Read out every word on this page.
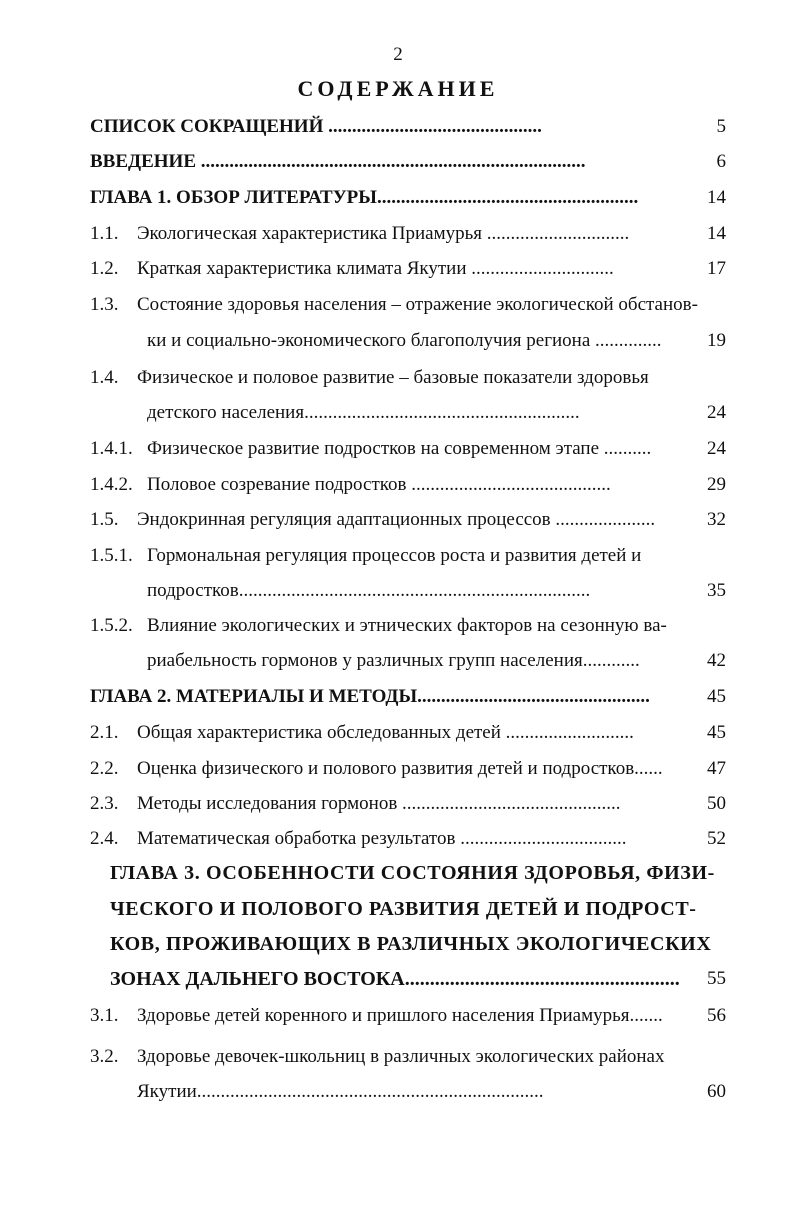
2
СОДЕРЖАНИЕ
СПИСОК СОКРАЩЕНИЙ .............................................	5
ВВЕДЕНИЕ .................................................................................	6
ГЛАВА 1. ОБЗОР ЛИТЕРАТУРЫ.......................................................	14
1.1. Экологическая характеристика Приамурья ..............................	14
1.2. Краткая характеристика климата Якутии ..............................	17
1.3. Состояние здоровья населения – отражение экологической обстанов-
ки и социально-экономического благополучия региона .............. 19
1.4. Физическое и половое развитие – базовые показатели здоровья
детского населения..........................................................	24
1.4.1. Физическое развитие подростков на современном этапе ..........	24
1.4.2. Половое созревание подростков ..........................................	29
1.5. Эндокринная регуляция адаптационных процессов .....................	32
1.5.1. Гормональная регуляция процессов роста и развития детей и
подростков..........................................................................	35
1.5.2. Влияние экологических и этнических факторов на сезонную ва-
риабельность гормонов у различных групп населения............	42
ГЛАВА 2. МАТЕРИАЛЫ И МЕТОДЫ.................................................	45
2.1. Общая характеристика обследованных детей ...........................	45
2.2. Оценка физического и полового развития детей и подростков...... 47
2.3. Методы исследования гормонов ..............................................	50
2.4. Математическая обработка результатов ...................................	52
ГЛАВА 3. ОСОБЕННОСТИ СОСТОЯНИЯ ЗДОРОВЬЯ, ФИЗИ-
ЧЕСКОГО И ПОЛОВОГО РАЗВИТИЯ ДЕТЕЙ И ПОДРОСТ-
КОВ, ПРОЖИВАЮЩИХ В РАЗЛИЧНЫХ ЭКОЛОГИЧЕСКИХ
ЗОНАХ ДАЛЬНЕГО ВОСТОКА....................................................... 55
3.1. Здоровье детей коренного и пришлого населения Приамурья....... 56
3.2. Здоровье девочек-школьниц в различных экологических районах
Якутии.........................................................................	60
